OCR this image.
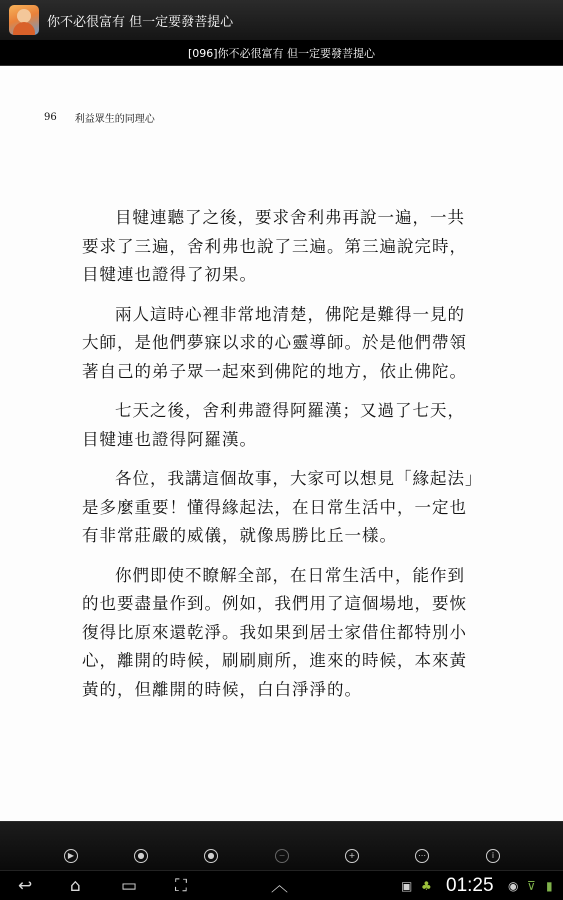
你不必很富有 但一定要發菩提心
[096]你不必很富有 但一定要發菩提心
96 利益眾生的同理心

目犍連聽了之後，要求舍利弗再說一遍，一共要求了三遍，舍利弗也說了三遍。第三遍說完時，目犍連也證得了初果。

兩人這時心裡非常地清楚，佛陀是難得一見的大師，是他們夢寐以求的心靈導師。於是他們帶領著自己的弟子眾一起來到佛陀的地方，依止佛陀。

七天之後，舍利弗證得阿羅漢；又過了七天，目犍連也證得阿羅漢。

各位，我講這個故事，大家可以想見「緣起法」是多麼重要！懂得緣起法，在日常生活中，一定也有非常莊嚴的威儀，就像馬勝比丘一樣。

你們即使不瞭解全部，在日常生活中，能作到的也要盡量作到。例如，我們用了這個場地，要恢復得比原來還乾淨。我如果到居士家借住都特別小心，離開的時候，刷刷廁所，進來的時候，本來黃黃的，但離開的時候，白白淨淨的。

▶	●	●	−	+	⋯	i
↩ ⌂ ▭ ⛶	︿	▣ ♣ 01:25 ◉ ⊽ ▮
